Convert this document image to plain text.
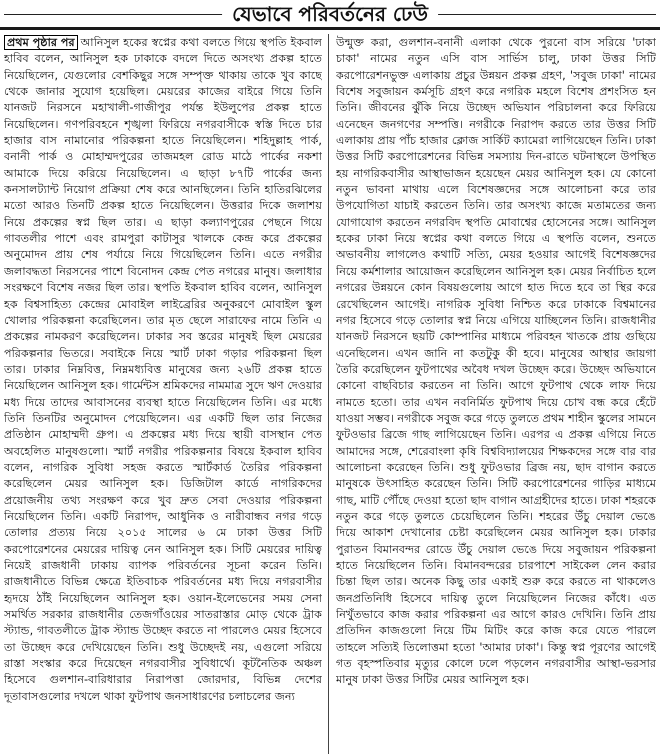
যেভাবে পরিবর্তনের ঢেউ
প্রথম পৃষ্ঠার পর আনিসুল হকের স্বপ্নের কথা বলতে গিয়ে স্থপতি ইকবাল হাবিব বলেন, আনিসুল হক ঢাকাকে বদলে দিতে অসংখ্য প্রকল্প হাতে নিয়েছিলেন, যেগুলোর বেশকিছুর সঙ্গে সম্পৃক্ত থাকায় তাকে খুব কাছে থেকে জানার সুযোগ হয়েছিল। মেয়রের কাজের বাইরে গিয়ে তিনি যানজট নিরসনে মহাখালী-গাজীপুর পর্যন্ত ইউলুপের প্রকল্প হাতে নিয়েছিলেন। গণপরিবহনে শৃঙ্খলা ফিরিয়ে নগরবাসীকে স্বস্তি দিতে চার হাজার বাস নামানোর পরিকল্পনা হাতে নিয়েছিলেন। শহিদুল্লাহ পার্ক, বনানী পার্ক ও মোহাম্মদপুরের তাজমহল রোড মাঠে পার্কের নকশা আমাকে দিয়ে করিয়ে নিয়েছিলেন। এ ছাড়া ৮৭টি পার্কের জন্য কনসালট্যান্ট নিয়োগ প্রক্রিয়া শেষ করে আনছিলেন। তিনি হাতিরঝিলের মতো আরও তিনটি প্রকল্প হাতে নিয়েছিলেন। উত্তরার দিকে জলাশয় নিয়ে প্রকল্পের স্বপ্ন ছিল তার। এ ছাড়া কল্যাণপুরের পেছনে গিয়ে গাবতলীর পাশে এবং রামপুরা কাটাসুর খালকে কেন্দ্র করে প্রকল্পের অনুমোদন প্রায় শেষ পর্যায়ে নিয়ে গিয়েছিলেন তিনি। এতে নগরীর জলাবদ্ধতা নিরসনের পাশে বিনোদন কেন্দ্র পেত নগরের মানুষ। জলাধার সংরক্ষণে বিশেষ নজর ছিল তার। স্থপতি ইকবাল হাবিব বলেন, আনিসুল হক বিশ্বসাহিত্য কেন্দ্রের মোবাইল লাইব্রেরির অনুকরণে মোবাইল স্কুল খোলার পরিকল্পনা করেছিলেন। তার মৃত ছেলে সারাফের নামে তিনি এ প্রকল্পের নামকরণ করেছিলেন। ঢাকার সব স্তরের মানুষই ছিল মেয়রের পরিকল্পনার ভিতরে। সবাইকে নিয়ে স্মার্ট ঢাকা গড়ার পরিকল্পনা ছিল তার। ঢাকার নিম্নবিত্ত, নিম্নমধ্যবিত্ত মানুষের জন্য ২৬টি প্রকল্প হাতে নিয়েছিলেন আনিসুল হক। গার্মেন্টস শ্রমিকদের নামমাত্র সুদে ঋণ দেওয়ার মধ্য দিয়ে তাদের আবাসনের ব্যবস্থা হাতে নিয়েছিলেন তিনি। এর মধ্যে তিনি তিনটির অনুমোদন পেয়েছিলেন। এর একটি ছিল তার নিজের প্রতিষ্ঠান মোহাম্মদী গ্রুপ। এ প্রকল্পের মধ্য দিয়ে স্থায়ী বাসস্থান পেত অবহেলিত মানুষগুলো। স্মার্ট নগরীর পরিকল্পনার বিষয়ে ইকবাল হাবিব বলেন, নাগরিক সুবিধা সহজ করতে স্মার্টকার্ড তৈরির পরিকল্পনা করেছিলেন মেয়র আনিসুল হক। ডিজিটাল কার্ডে নাগরিকদের প্রয়োজনীয় তথ্য সংরক্ষণ করে খুব দ্রুত সেবা দেওয়ার পরিকল্পনা নিয়েছিলেন তিনি। একটি নিরাপদ, আধুনিক ও নারীবান্ধব নগর গড়ে তোলার প্রত্যয় নিয়ে ২০১৫ সালের ৬ মে ঢাকা উত্তর সিটি করপোরেশনের মেয়রের দায়িত্ব নেন আনিসুল হক। সিটি মেয়রের দায়িত্ব নিয়েই রাজধানী ঢাকায় ব্যাপক পরিবর্তনের সূচনা করেন তিনি। রাজধানীতে বিভিন্ন ক্ষেত্রে ইতিবাচক পরিবর্তনের মধ্য দিয়ে নগরবাসীর হৃদয়ে ঠাঁই নিয়েছিলেন আনিসুল হক। ওয়ান-ইলেভেনের সময় সেনা সমর্থিত সরকার রাজধানীর তেজগাঁওয়ের সাতরাস্তার মোড় থেকে ট্রাক স্ট্যান্ড, গাবতলীতে ট্রাক স্ট্যান্ড উচ্ছেদ করতে না পারলেও মেয়র হিসেবে তা উচ্ছেদ করে দেখিয়েছেন তিনি। শুধু উচ্ছেদই নয়, এগুলো সরিয়ে রাস্তা সংস্কার করে দিয়েছেন নগরবাসীর সুবিধার্থে। কূটনৈতিক অঞ্চল হিসেবে গুলশান-বারিধারার নিরাপত্তা জোরদার, বিভিন্ন দেশের দূতাবাসগুলোর দখলে থাকা ফুটপাথ জনসাধারণের চলাচলের জন্য
উন্মুক্ত করা, গুলশান-বনানী এলাকা থেকে পুরনো বাস সরিয়ে 'ঢাকা চাকা' নামের নতুন এসি বাস সার্ভিস চালু, ঢাকা উত্তর সিটি করপোরেশনভুক্ত এলাকায় প্রচুর উন্নয়ন প্রকল্প গ্রহণ, 'সবুজ ঢাকা' নামের বিশেষ সবুজায়ন কর্মসূচি গ্রহণ করে নগরিক মহলে বিশেষ প্রশংসিত হন তিনি। জীবনের ঝুঁকি নিয়ে উচ্ছেদ অভিযান পরিচালনা করে ফিরিয়ে এনেছেন জনগণের সম্পত্তি। নগরীকে নিরাপদ করতে তার উত্তর সিটি এলাকায় প্রায় পাঁচ হাজার ক্লোজ সার্কিট ক্যামেরা লাগিয়েছেন তিনি। ঢাকা উত্তর সিটি করপোরেশনের বিভিন্ন সমস্যায় দিন-রাতে ঘটনাস্থলে উপস্থিত হয় নাগরিকবাসীর আস্থাভাজন হয়েছেন মেয়র আনিসুল হক। যে কোনো নতুন ভাবনা মাথায় এলে বিশেষজ্ঞদের সঙ্গে আলোচনা করে তার উপযোগিতা যাচাই করতেন তিনি। তার অসংখ্য কাজে মতামতের জন্য যোগাযোগ করতেন নগরবিদ স্থপতি মোবাশ্বের হোসেনের সঙ্গে। আনিসুল হকের ঢাকা নিয়ে স্বপ্নের কথা বলতে গিয়ে এ স্থপতি বলেন, শুনতে অভাবনীয় লাগলেও কথাটি সত্যি, মেয়র হওয়ার আগেই বিশেষজ্ঞদের নিয়ে কর্মশালার আয়োজন করেছিলেন আনিসুল হক। মেয়র নির্বাচিত হলে নগরের উন্নয়নে কোন বিষয়গুলোয় আগে হাত দিতে হবে তা স্থির করে রেখেছিলেন আগেই। নাগরিক সুবিধা নিশ্চিত করে ঢাকাকে বিশ্বমানের নগর হিসেবে গড়ে তোলার স্বপ্ন নিয়ে এগিয়ে যাচ্ছিলেন তিনি। রাজধানীর যানজট নিরসনে ছয়টি কোম্পানির মাধ্যমে পরিবহন খাতকে প্রায় গুছিয়ে এনেছিলেন। এখন জানি না কতটুকু কী হবে। মানুষের আস্থার জায়গা তৈরি করেছিলেন ফুটপাথের অবৈধ দখল উচ্ছেদ করে। উচ্ছেদ অভিযানে কোনো বাছবিচার করতেন না তিনি। আগে ফুটপাথ থেকে লাফ দিয়ে নামতে হতো। তার এখন নবনির্মিত ফুটপাথ দিয়ে চোখ বন্ধ করে হেঁটে যাওয়া সম্ভব। নগরীকে সবুজ করে গড়ে তুলতে প্রথম শাহীন স্কুলের সামনে ফুটওভার ব্রিজে গাছ লাগিয়েছেন তিনি। এরপর এ প্রকল্প এগিয়ে নিতে আমাদের সঙ্গে, শেরেবাংলা কৃষি বিশ্ববিদ্যালয়ের শিক্ষকদের সঙ্গে বার বার আলোচনা করেছেন তিনি। শুধু ফুটওভার ব্রিজ নয়, ছাদ বাগান করতে মানুষকে উৎসাহিত করেছেন তিনি। সিটি করপোরেশনের গাড়ির মাধ্যমে গাছ, মাটি পৌঁছে দেওয়া হতো ছাদ বাগান আগ্রহীদের হাতে। ঢাকা শহরকে নতুন করে গড়ে তুলতে চেয়েছিলেন তিনি। শহরের উঁচু দেয়াল ভেঙে দিয়ে আকাশ দেখানোর চেষ্টা করেছিলেন মেয়র আনিসুল হক। ঢাকার পুরাতন বিমানবন্দর রোডে উঁচু দেয়াল ভেঙে দিয়ে সবুজায়ন পরিকল্পনা হাতে নিয়েছিলেন তিনি। বিমানবন্দরের চারপাশে সাইকেল লেন করার চিন্তা ছিল তার। অনেক কিছু তার একাই শুরু করে করতে না থাকলেও জনপ্রতিনিধি হিসেবে দায়িত্ব তুলে নিয়েছিলেন নিজের কাঁধে। এত নিখুঁতভাবে কাজ করার পরিকল্পনা এর আগে কারও দেখিনি। তিনি প্রায় প্রতিদিন কাজগুলো নিয়ে টিম মিটিং করে কাজ করে যেতে পারলে তাহলে সত্যিই তিলোত্তমা হতো 'আমার ঢাকা'। কিন্তু স্বপ্ন পূরণের আগেই গত বৃহস্পতিবার মৃত্যুর কোলে ঢলে পড়লেন নগরবাসীর আস্থা-ভরসার মানুষ ঢাকা উত্তর সিটির মেয়র আনিসুল হক।
